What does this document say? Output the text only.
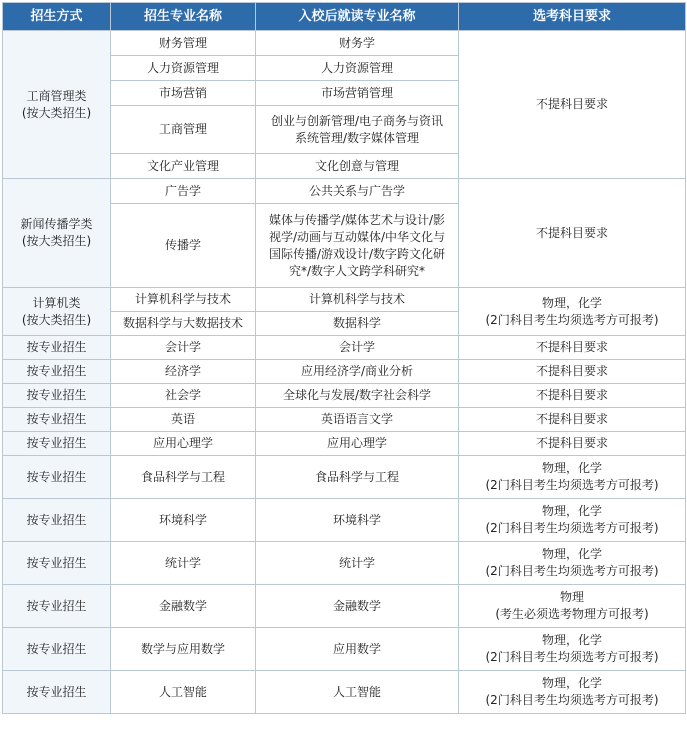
招生方式	招生专业名称	入校后就读专业名称	选考科目要求

工商管理类
(按大类招生)	财务管理	财务学	不提科目要求

	人力资源管理	人力资源管理	

	市场营销	市场营销管理	

	工商管理	创业与创新管理/电子商务与资讯
系统管理/数字媒体管理	

	文化产业管理	文化创意与管理	

新闻传播学类
(按大类招生)	广告学	公共关系与广告学	不提科目要求

	传播学	媒体与传播学/媒体艺术与设计/影
视学/动画与互动媒体/中华文化与
国际传播/游戏设计/数字跨文化研
究*/数字人文跨学科研究*	

计算机类
(按大类招生)	计算机科学与技术	计算机科学与技术	物理，化学
(2门科目考生均须选考方可报考)

	数据科学与大数据技术	数据科学	

按专业招生	会计学	会计学	不提科目要求

按专业招生	经济学	应用经济学/商业分析	不提科目要求

按专业招生	社会学	全球化与发展/数字社会科学	不提科目要求

按专业招生	英语	英语语言文学	不提科目要求

按专业招生	应用心理学	应用心理学	不提科目要求

按专业招生	食品科学与工程	食品科学与工程	物理，化学
(2门科目考生均须选考方可报考)

按专业招生	环境科学	环境科学	物理，化学
(2门科目考生均须选考方可报考)

按专业招生	统计学	统计学	物理，化学
(2门科目考生均须选考方可报考)

按专业招生	金融数学	金融数学	物理
(考生必须选考物理方可报考)

按专业招生	数学与应用数学	应用数学	物理，化学
(2门科目考生均须选考方可报考)

按专业招生	人工智能	人工智能	物理，化学
(2门科目考生均须选考方可报考)
